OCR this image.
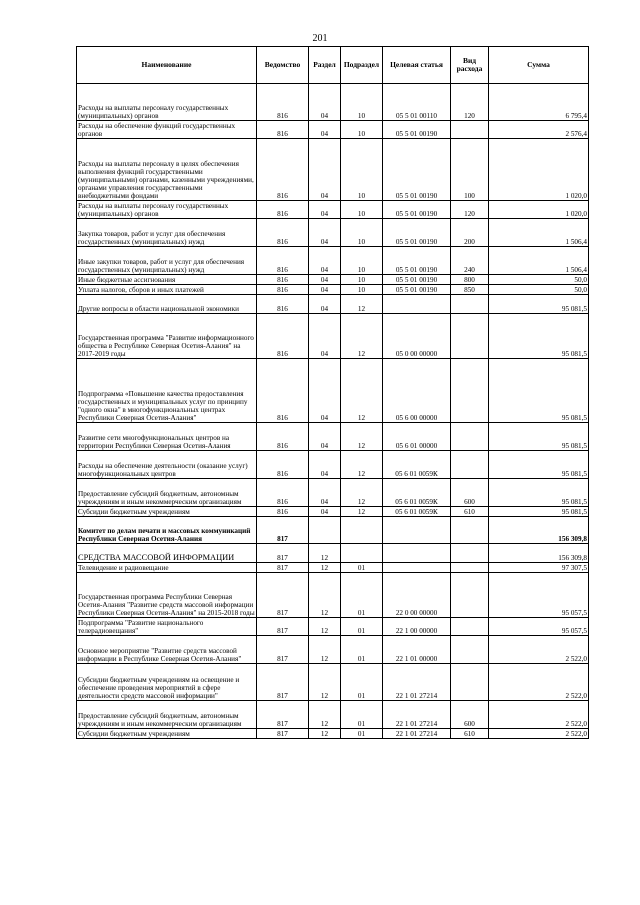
201
Наименование	Ведомство	Раздел	Подраздел	Целевая статья	Вид расхода	Сумма
Расходы на выплаты персоналу государственных (муниципальных) органов	816	04	10	05 5 01 00110	120	6 795,4
Расходы на обеспечение функций государственных органов	816	04	10	05 5 01 00190		2 576,4
Расходы на выплаты персоналу в целях обеспечения выполнения функций государственными (муниципальными) органами, казенными учреждениями, органами управления государственными внебюджетными фондами	816	04	10	05 5 01 00190	100	1 020,0
Расходы на выплаты персоналу государственных (муниципальных) органов	816	04	10	05 5 01 00190	120	1 020,0
Закупка товаров, работ и услуг для обеспечения государственных (муниципальных) нужд	816	04	10	05 5 01 00190	200	1 506,4
Иные закупки товаров, работ и услуг для обеспечения государственных (муниципальных) нужд	816	04	10	05 5 01 00190	240	1 506,4
Иные бюджетные ассигнования	816	04	10	05 5 01 00190	800	50,0
Уплата налогов, сборов и иных платежей	816	04	10	05 5 01 00190	850	50,0
Другие вопросы в области национальной экономики	816	04	12			95 081,5
Государственная программа "Развитие информационного общества в Республике Северная Осетия-Алания" на 2017-2019 годы	816	04	12	05 0 00 00000		95 081,5
Подпрограмма «Повышение качества предоставления государственных и муниципальных услуг по принципу "одного окна" в многофункциональных центрах Республики Северная Осетия-Алания"	816	04	12	05 6 00 00000		95 081,5
Развитие сети многофункциональных центров на территории Республики Северная Осетия-Алания	816	04	12	05 6 01 00000		95 081,5
Расходы на обеспечение деятельности (оказание услуг) многофункциональных центров	816	04	12	05 6 01 0059К		95 081,5
Предоставление субсидий бюджетным, автономным учреждениям и иным некоммерческим организациям	816	04	12	05 6 01 0059К	600	95 081,5
Субсидии бюджетным учреждениям	816	04	12	05 6 01 0059К	610	95 081,5
Комитет по делам печати и массовых коммуникаций Республики Северная Осетия-Алания	817					156 309,8
СРЕДСТВА МАССОВОЙ ИНФОРМАЦИИ	817	12				156 309,8
Телевидение и радиовещание	817	12	01			97 307,5
Государственная программа Республики Северная Осетия-Алания "Развитие средств массовой информации Республики Северная Осетия-Алания" на 2015-2018 годы	817	12	01	22 0 00 00000		95 057,5
Подпрограмма "Развитие национального телерадиовещания"	817	12	01	22 1 00 00000		95 057,5
Основное мероприятие "Развитие средств массовой информации в Республике Северная Осетия-Алания"	817	12	01	22 1 01 00000		2 522,0
Субсидии бюджетным учреждениям на освещение и обеспечение проведения мероприятий в сфере деятельности средств массовой информации"	817	12	01	22 1 01 27214		2 522,0
Предоставление субсидий бюджетным, автономным учреждениям и иным некоммерческим организациям	817	12	01	22 1 01 27214	600	2 522,0
Субсидии бюджетным учреждениям	817	12	01	22 1 01 27214	610	2 522,0
